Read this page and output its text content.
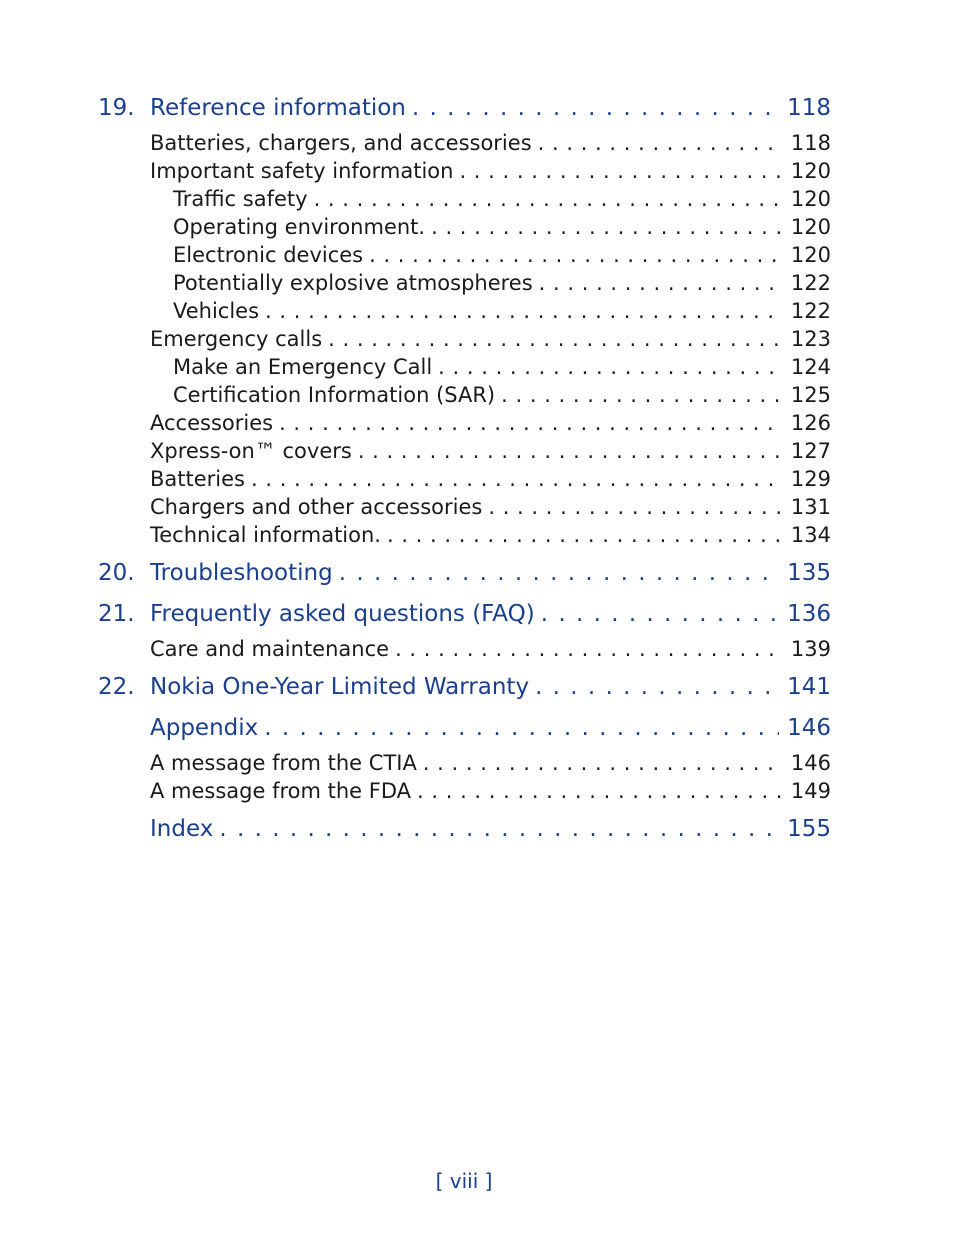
19. Reference information . . .	118
Batteries, chargers, and accessories . . .	118
Important safety information . . .	120
Traffic safety . . .	120
Operating environment. . . .	120
Electronic devices . . .	120
Potentially explosive atmospheres . . .	122
Vehicles . . .	122
Emergency calls . . .	123
Make an Emergency Call . . .	124
Certification Information (SAR) . . .	125
Accessories . . .	126
Xpress-on™ covers . . .	127
Batteries . . .	129
Chargers and other accessories . . .	131
Technical information. . . .	134
20. Troubleshooting . . .	135
21. Frequently asked questions (FAQ) . . .	136
Care and maintenance . . .	139
22. Nokia One-Year Limited Warranty . . .	141
Appendix . . .	146
A message from the CTIA . . .	146
A message from the FDA . . .	149
Index . . .	155
[ viii ]
